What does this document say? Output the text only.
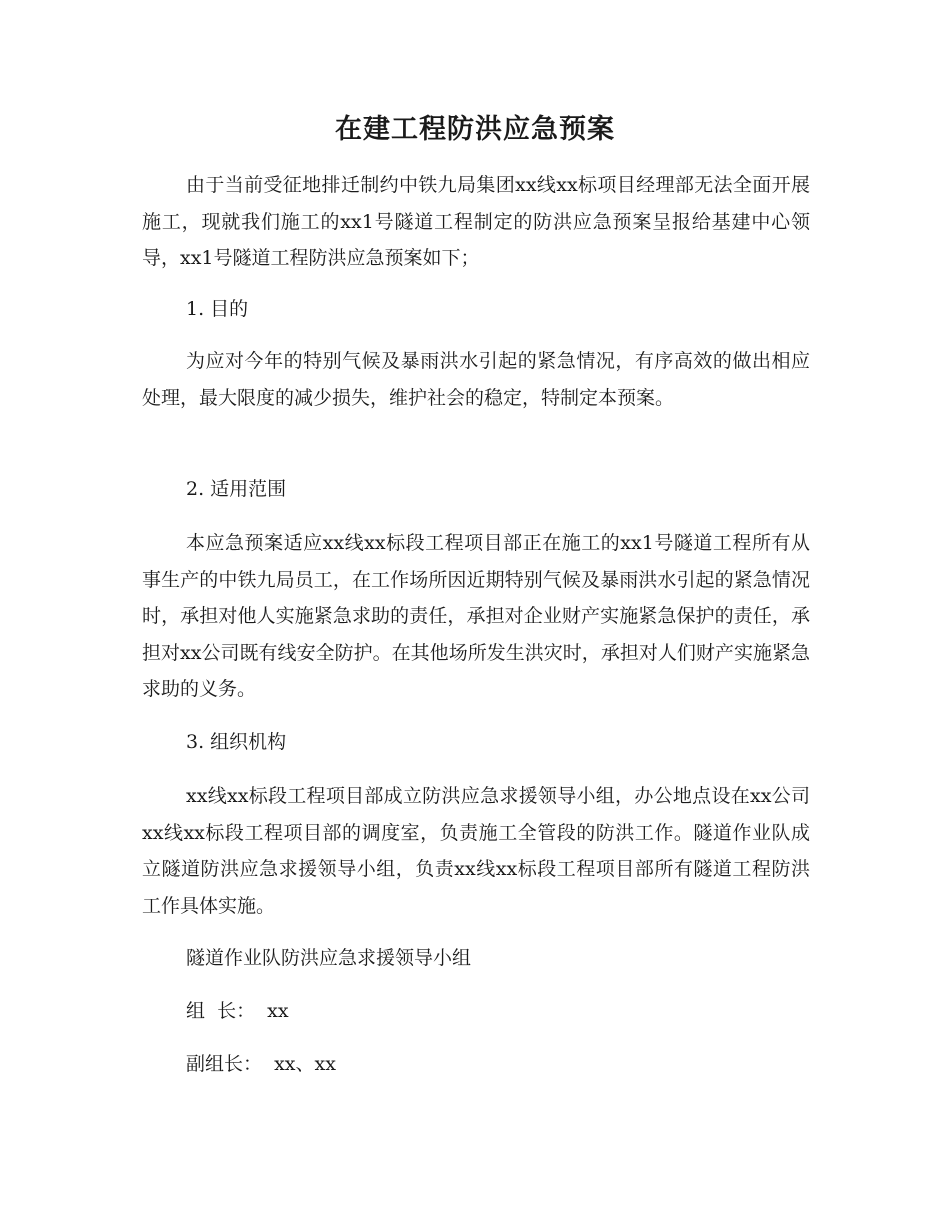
在建工程防洪应急预案

由于当前受征地排迁制约中铁九局集团xx线xx标项目经理部无法全面开展施工，现就我们施工的xx1号隧道工程制定的防洪应急预案呈报给基建中心领导，xx1号隧道工程防洪应急预案如下；

1. 目的

为应对今年的特别气候及暴雨洪水引起的紧急情况，有序高效的做出相应处理，最大限度的减少损失，维护社会的稳定，特制定本预案。

2. 适用范围

本应急预案适应xx线xx标段工程项目部正在施工的xx1号隧道工程所有从事生产的中铁九局员工，在工作场所因近期特别气候及暴雨洪水引起的紧急情况时，承担对他人实施紧急求助的责任，承担对企业财产实施紧急保护的责任，承担对xx公司既有线安全防护。在其他场所发生洪灾时，承担对人们财产实施紧急求助的义务。

3. 组织机构

xx线xx标段工程项目部成立防洪应急求援领导小组，办公地点设在xx公司xx线xx标段工程项目部的调度室，负责施工全管段的防洪工作。隧道作业队成立隧道防洪应急求援领导小组，负责xx线xx标段工程项目部所有隧道工程防洪工作具体实施。

隧道作业队防洪应急求援领导小组

组  长：  xx

副组长：  xx、xx
